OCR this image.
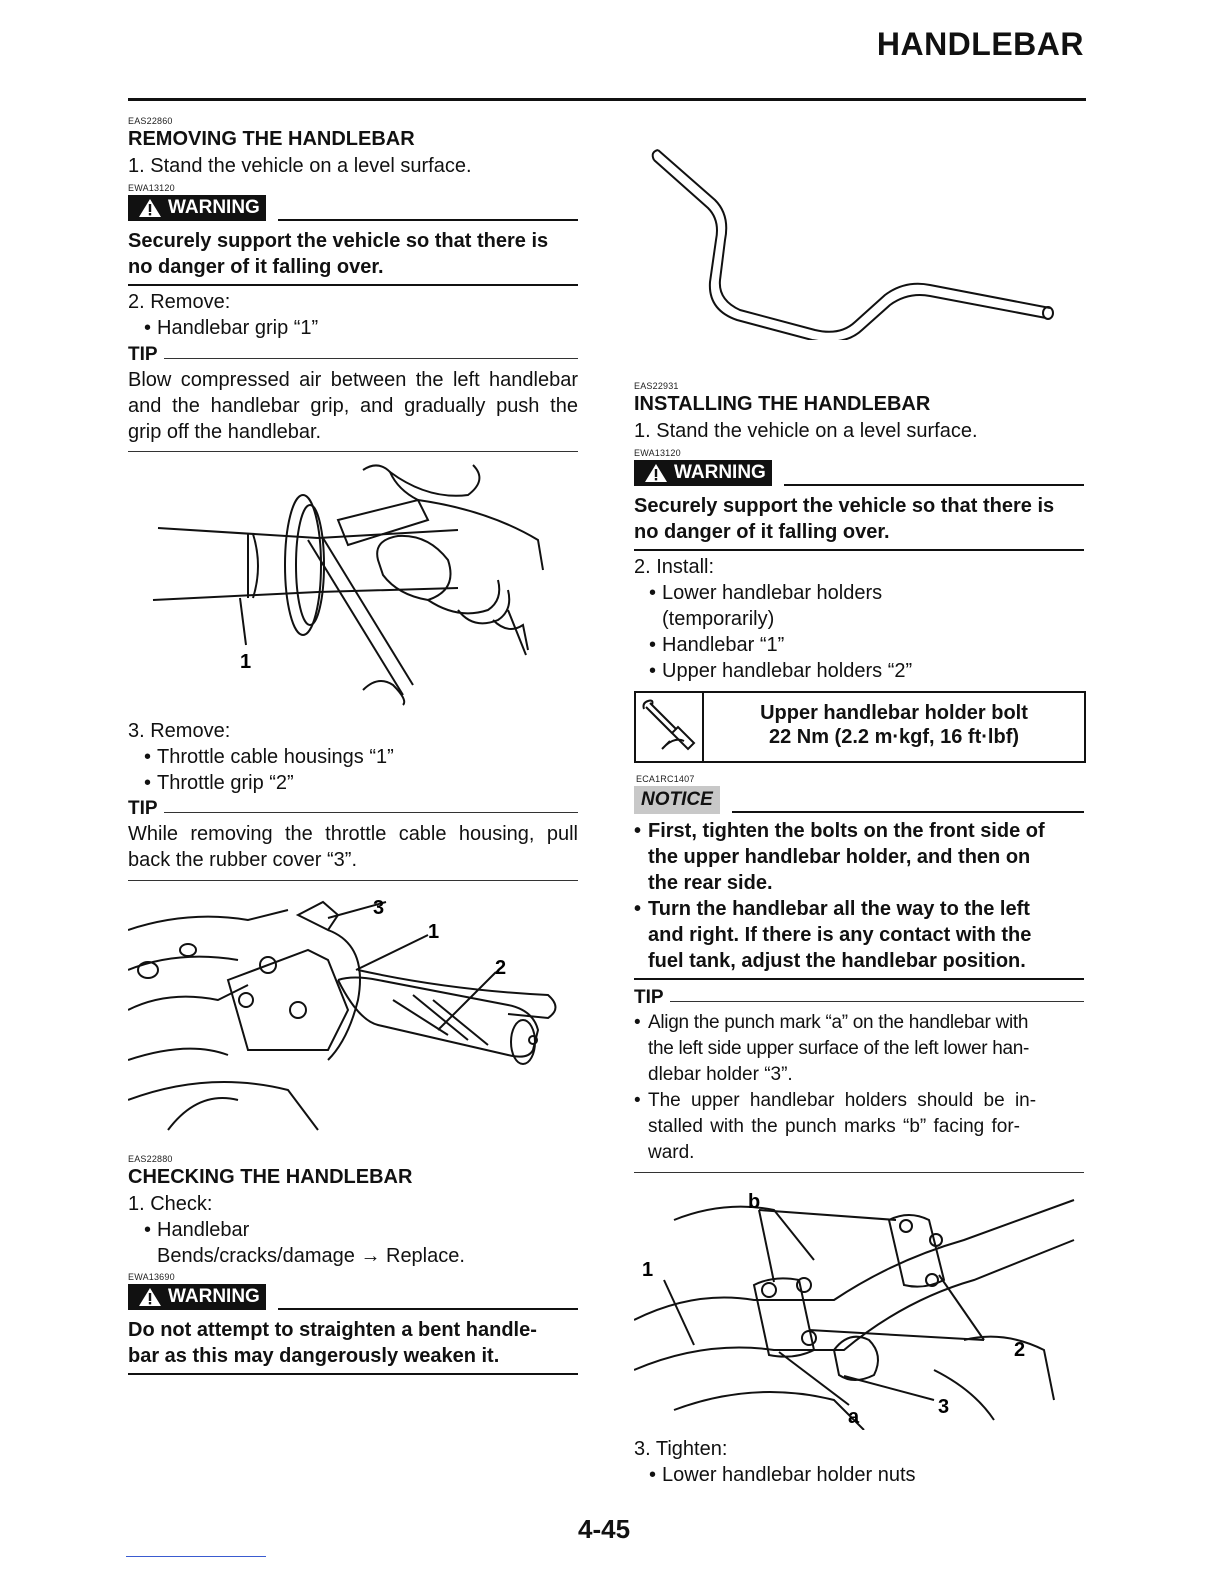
HANDLEBAR
EAS22860
REMOVING THE HANDLEBAR
1. Stand the vehicle on a level surface.
EWA13120
WARNING
Securely support the vehicle so that there is
no danger of it falling over.
2. Remove:
• Handlebar grip “1”
TIP
Blow compressed air between the left handlebar and the handlebar grip, and gradually push the grip off the handlebar.
1
3. Remove:
• Throttle cable housings “1”
• Throttle grip “2”
TIP
While removing the throttle cable housing, pull back the rubber cover “3”.
3
1
2
EAS22880
CHECKING THE HANDLEBAR
1. Check:
• Handlebar
Bends/cracks/damage → Replace.
EWA13690
WARNING
Do not attempt to straighten a bent handle-
bar as this may dangerously weaken it.
EAS22931
INSTALLING THE HANDLEBAR
1. Stand the vehicle on a level surface.
EWA13120
WARNING
Securely support the vehicle so that there is
no danger of it falling over.
2. Install:
• Lower handlebar holders
(temporarily)
• Handlebar “1”
• Upper handlebar holders “2”
Upper handlebar holder bolt
22 Nm (2.2 m·kgf, 16 ft·lbf)
ECA1RC1407
NOTICE
First, tighten the bolts on the front side of
•
the upper handlebar holder, and then on
the rear side.
• Turn the handlebar all the way to the left
and right. If there is any contact with the
fuel tank, adjust the handlebar position.
TIP
• Align the punch mark “a” on the handlebar with
the left side upper surface of the left lower han-
dlebar holder “3”.
• The upper handlebar holders should be in-
stalled with the punch marks “b” facing for-
ward.
b
1
2
a	3
3. Tighten:
• Lower handlebar holder nuts
4-45
